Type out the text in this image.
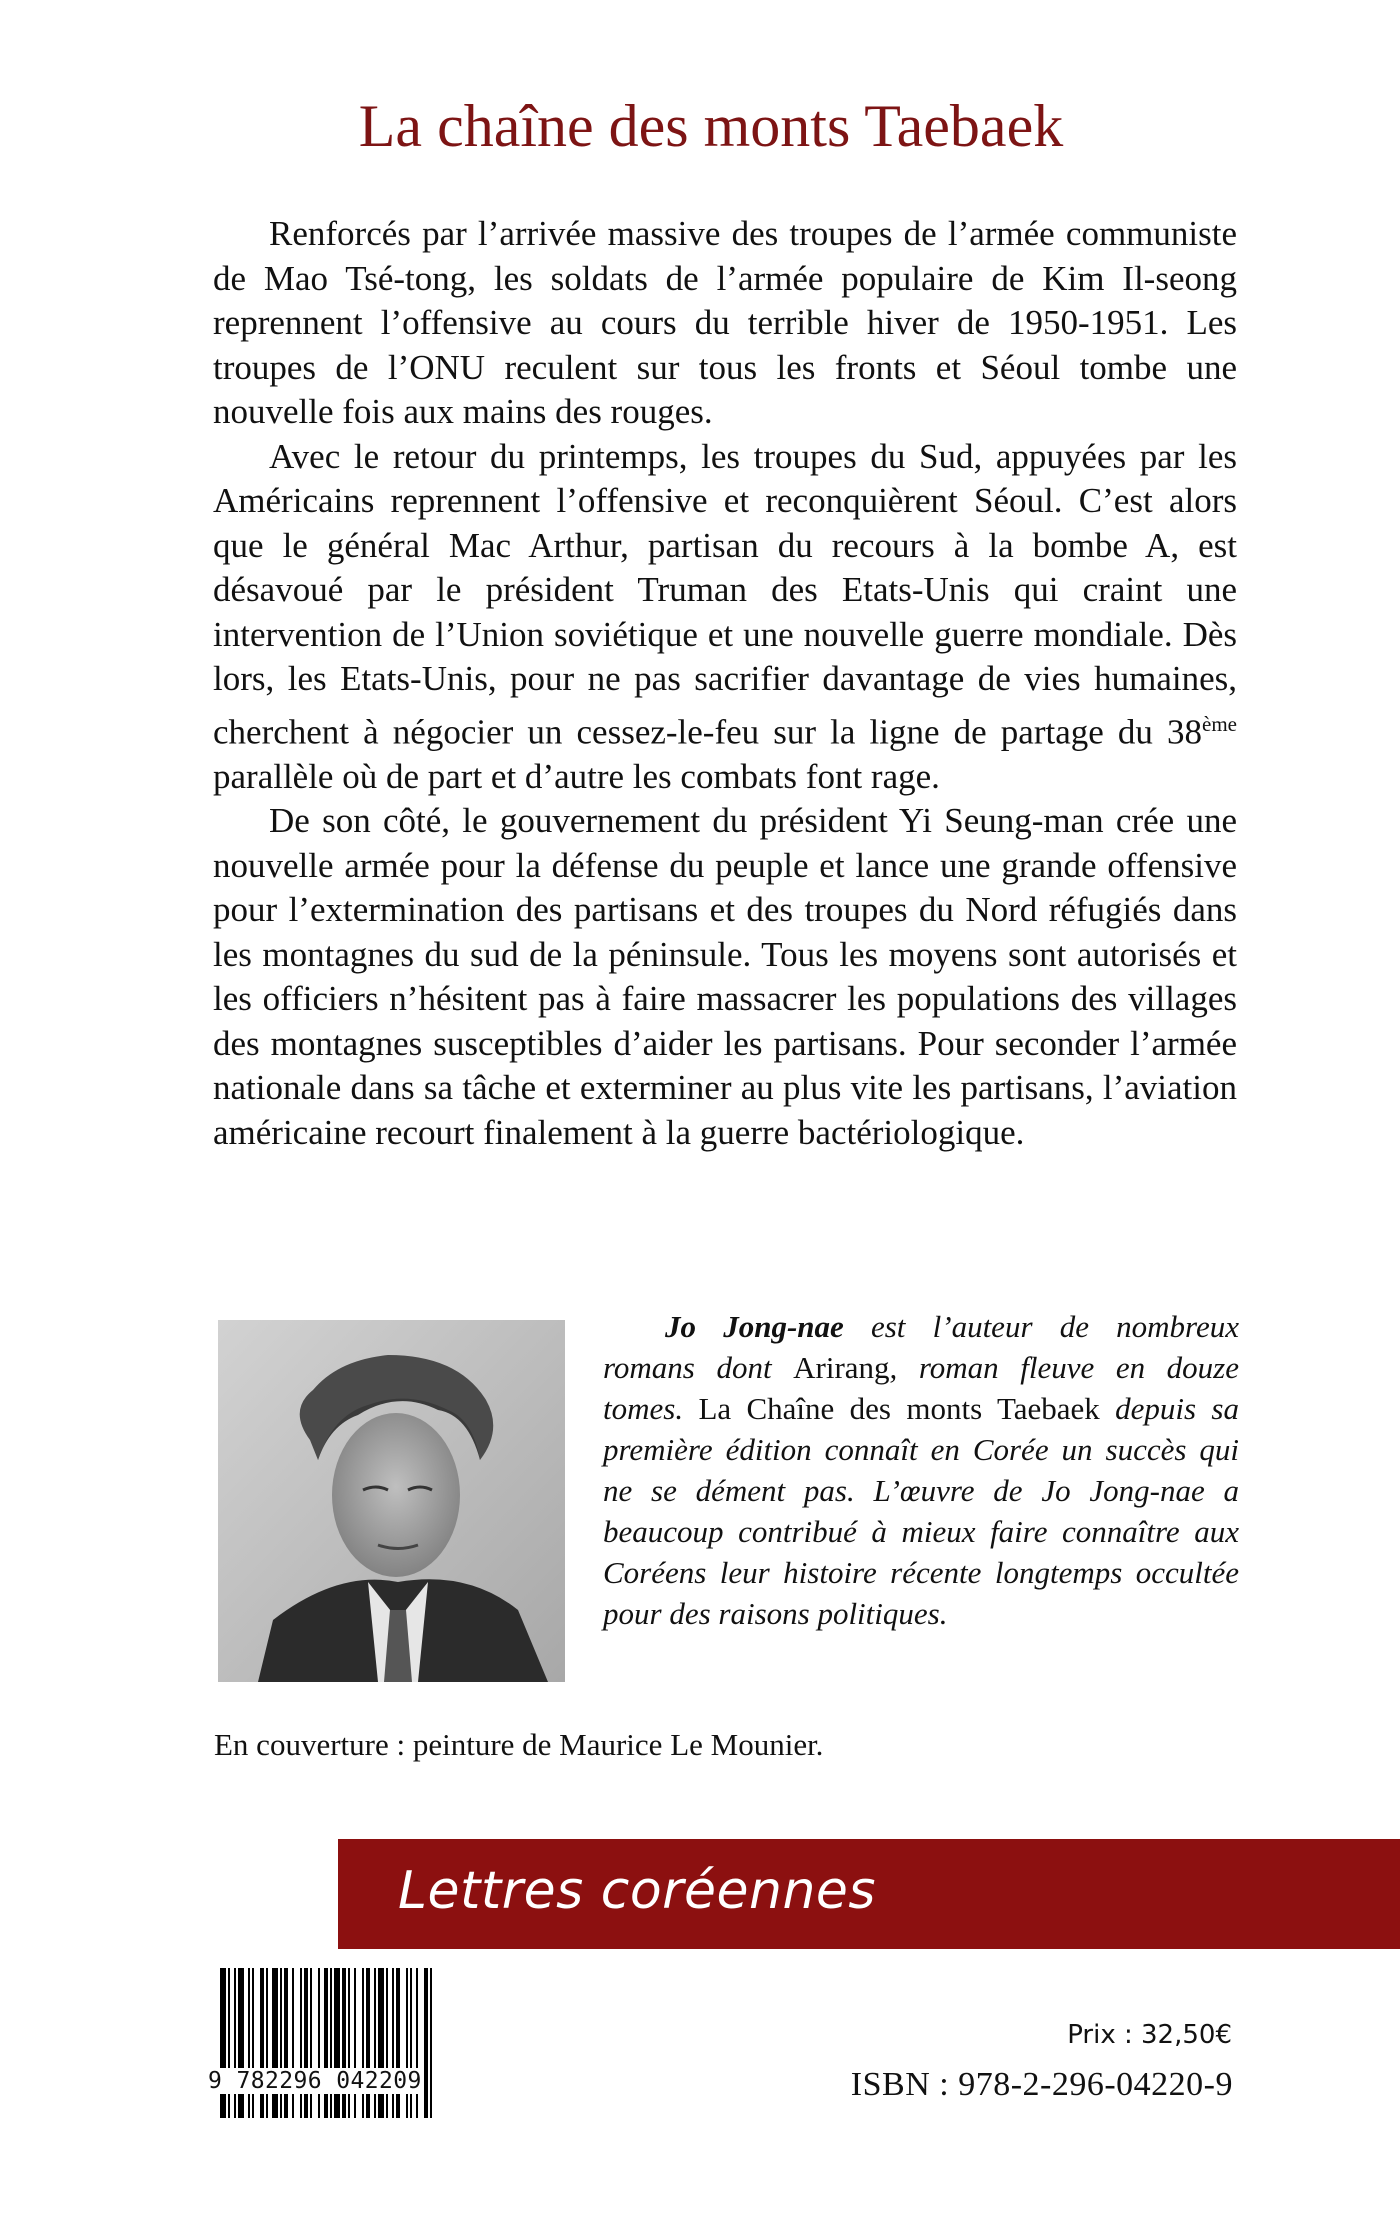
La chaîne des monts Taebaek

Renforcés par l’arrivée massive des troupes de l’armée communiste de Mao Tsé-tong, les soldats de l’armée populaire de Kim Il-seong reprennent l’offensive au cours du terrible hiver de 1950-1951. Les troupes de l’ONU reculent sur tous les fronts et Séoul tombe une nouvelle fois aux mains des rouges.

Avec le retour du printemps, les troupes du Sud, appuyées par les Américains reprennent l’offensive et reconquièrent Séoul. C’est alors que le général Mac Arthur, partisan du recours à la bombe A, est désavoué par le président Truman des Etats-Unis qui craint une intervention de l’Union soviétique et une nouvelle guerre mondiale. Dès lors, les Etats-Unis, pour ne pas sacrifier davantage de vies humaines, cherchent à négocier un cessez-le-feu sur la ligne de partage du 38ème parallèle où de part et d’autre les combats font rage.

De son côté, le gouvernement du président Yi Seung-man crée une nouvelle armée pour la défense du peuple et lance une grande offensive pour l’extermination des partisans et des troupes du Nord réfugiés dans les montagnes du sud de la péninsule. Tous les moyens sont autorisés et les officiers n’hésitent pas à faire massacrer les populations des villages des montagnes susceptibles d’aider les partisans. Pour seconder l’armée nationale dans sa tâche et exterminer au plus vite les partisans, l’aviation américaine recourt finalement à la guerre bactériologique.

Jo Jong-nae est l’auteur de nombreux romans dont Arirang, roman fleuve en douze tomes. La Chaîne des monts Taebaek depuis sa première édition connaît en Corée un succès qui ne se dément pas. L’œuvre de Jo Jong-nae a beaucoup contribué à mieux faire connaître aux Coréens leur histoire récente longtemps occultée pour des raisons politiques.

En couverture : peinture de Maurice Le Mounier.
Lettres coréennes
9 782296 042209
Prix : 32,50€
ISBN : 978-2-296-04220-9
